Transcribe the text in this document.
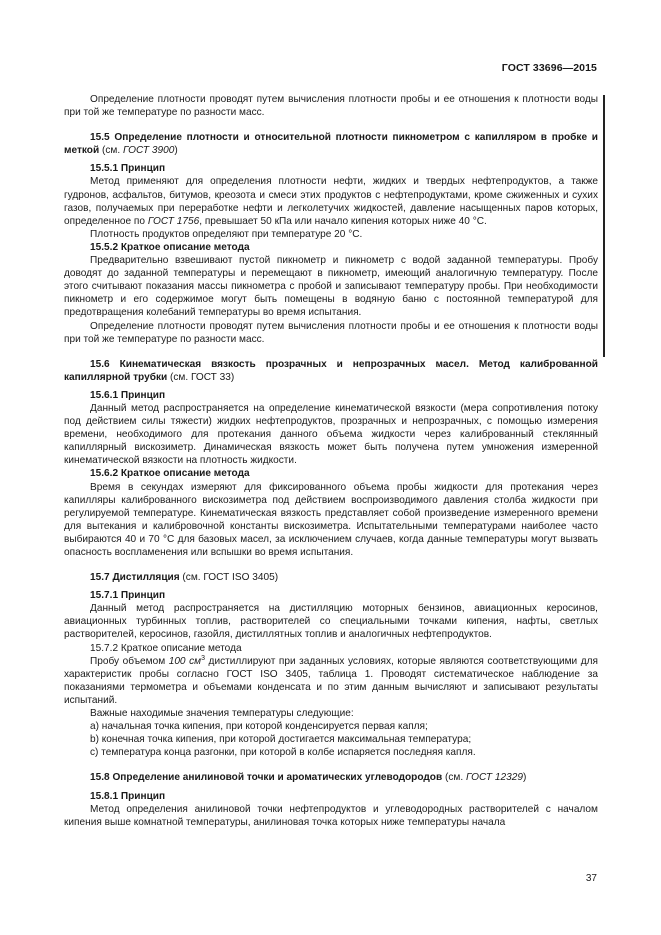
ГОСТ 33696—2015

Определение плотности проводят путем вычисления плотности пробы и ее отношения к плотности воды при той же температуре по разности масс.

15.5 Определение плотности и относительной плотности пикнометром с капилляром в пробке и меткой (см. ГОСТ 3900)

15.5.1 Принцип

Метод применяют для определения плотности нефти, жидких и твердых нефтепродуктов, а также гудронов, асфальтов, битумов, креозота и смеси этих продуктов с нефтепродуктами, кроме сжиженных и сухих газов, получаемых при переработке нефти и легколетучих жидкостей, давление насыщенных паров которых, определенное по ГОСТ 1756, превышает 50 кПа или начало кипения которых ниже 40 °С.

Плотность продуктов определяют при температуре 20 °С.

15.5.2 Краткое описание метода

Предварительно взвешивают пустой пикнометр и пикнометр с водой заданной температуры. Пробу доводят до заданной температуры и перемещают в пикнометр, имеющий аналогичную температуру. После этого считывают показания массы пикнометра с пробой и записывают температуру пробы. При необходимости пикнометр и его содержимое могут быть помещены в водяную баню с постоянной температурой для предотвращения колебаний температуры во время испытания.

Определение плотности проводят путем вычисления плотности пробы и ее отношения к плотности воды при той же температуре по разности масс.

15.6 Кинематическая вязкость прозрачных и непрозрачных масел. Метод калиброванной капиллярной трубки (см. ГОСТ 33)

15.6.1 Принцип

Данный метод распространяется на определение кинематической вязкости (мера сопротивления потоку под действием силы тяжести) жидких нефтепродуктов, прозрачных и непрозрачных, с помощью измерения времени, необходимого для протекания данного объема жидкости через калиброванный стеклянный капиллярный вискозиметр. Динамическая вязкость может быть получена путем умножения измеренной кинематической вязкости на плотность жидкости.

15.6.2 Краткое описание метода

Время в секундах измеряют для фиксированного объема пробы жидкости для протекания через капилляры калиброванного вискозиметра под действием воспроизводимого давления столба жидкости при регулируемой температуре. Кинематическая вязкость представляет собой произведение измеренного времени для вытекания и калибровочной константы вискозиметра. Испытательными температурами наиболее часто выбираются 40 и 70 °С для базовых масел, за исключением случаев, когда данные температуры могут вызвать опасность воспламенения или вспышки во время испытания.

15.7 Дистилляция (см. ГОСТ ISO 3405)

15.7.1 Принцип

Данный метод распространяется на дистилляцию моторных бензинов, авиационных керосинов, авиационных турбинных топлив, растворителей со специальными точками кипения, нафты, светлых растворителей, керосинов, газойля, дистиллятных топлив и аналогичных нефтепродуктов.

15.7.2 Краткое описание метода

Пробу объемом 100 $см^3$ дистиллируют при заданных условиях, которые являются соответствующими для характеристик пробы согласно ГОСТ ISO 3405, таблица 1. Проводят систематическое наблюдение за показаниями термометра и объемами конденсата и по этим данным вычисляют и записывают результаты испытаний.

Важные находимые значения температуры следующие:

а) начальная точка кипения, при которой конденсируется первая капля;

b) конечная точка кипения, при которой достигается максимальная температура;

с) температура конца разгонки, при которой в колбе испаряется последняя капля.

15.8 Определение анилиновой точки и ароматических углеводородов (см. ГОСТ 12329)

15.8.1 Принцип

Метод определения анилиновой точки нефтепродуктов и углеводородных растворителей с началом кипения выше комнатной температуры, анилиновая точка которых ниже температуры начала

37
